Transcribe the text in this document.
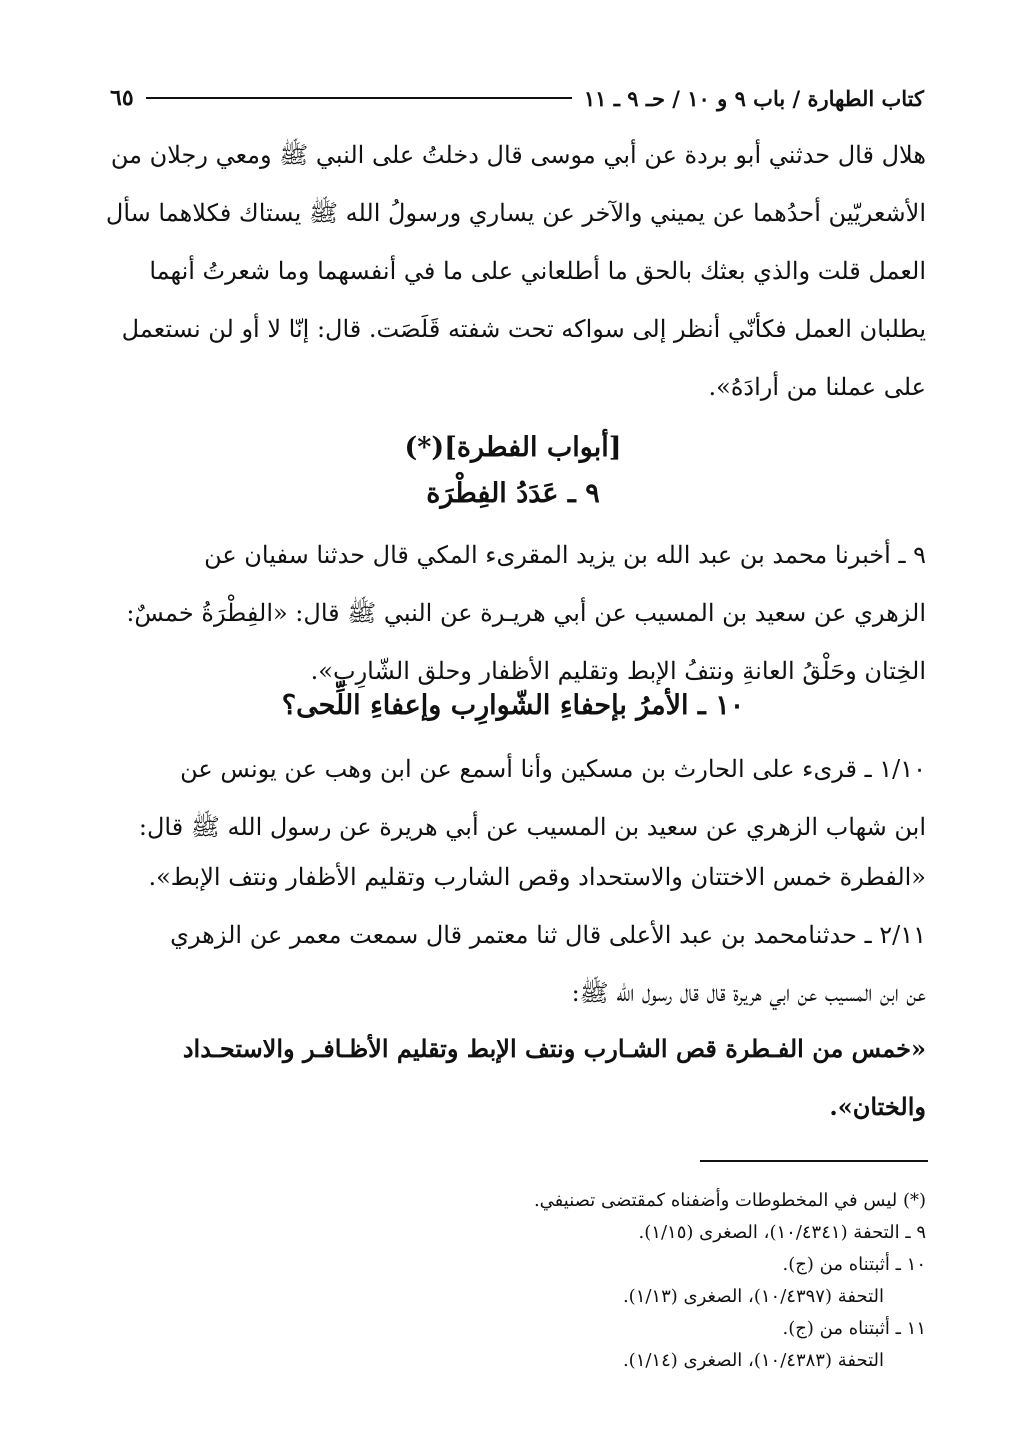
كتاب الطهارة / باب ٩ و ١٠ / حـ ٩ ـ ١١
٦٥

هلال قال حدثني أبو بردة عن أبي موسى قال دخلتُ على النبي ﷺ ومعي رجلان من

الأشعريّين أحدُهما عن يميني والآخر عن يساري ورسولُ الله ﷺ يستاك فكلاهما سأل

العمل قلت والذي بعثك بالحق ما أطلعاني على ما في أنفسهما وما شعرتُ أنهما

يطلبان العمل فكأنّي أنظر إلى سواكه تحت شفته قَلَصَت. قال: إنّا لا أو لن نستعمل

على عملنا من أرادَهُ».

[أبواب الفطرة](*)

٩ ـ عَدَدُ الفِطْرَة

٩ ـ أخبرنا محمد بن عبد الله بن يزيد المقرىء المكي قال حدثنا سفيان عن

الزهري عن سعيد بن المسيب عن أبي هريـرة عن النبي ﷺ قال: «الفِطْرَةُ خمسٌ:

الخِتان وحَلْقُ العانةِ ونتفُ الإبط وتقليم الأظفار وحلق الشّارِبِ».

١٠ ـ الأمرُ بإحفاءِ الشّوارِب وإعفاءِ اللِّحى؟

١/١٠ ـ قرىء على الحارث بن مسكين وأنا أسمع عن ابن وهب عن يونس عن

ابن شهاب الزهري عن سعيد بن المسيب عن أبي هريرة عن رسول الله ﷺ قال:

«الفطرة خمس الاختتان والاستحداد وقص الشارب وتقليم الأظفار ونتف الإبط».

٢/١١ ـ حدثنامحمد بن عبد الأعلى قال ثنا معتمر قال سمعت معمر عن الزهري

عن ابن المسيب عن ابي هريرة قال قال رسول الله ﷺ:

«خمس من الفـطرة قص الشـارب ونتف الإبط وتقليم الأظـافـر والاستحـداد

والختان».

(*) ليس في المخطوطات وأضفناه كمقتضى تصنيفي.

٩ ـ التحفة (١٠/٤٣٤١)، الصغرى (١/١٥).

١٠ ـ أثبتناه من (ج).

التحفة (١٠/٤٣٩٧)، الصغرى (١/١٣).

١١ ـ أثبتناه من (ج).

التحفة (١٠/٤٣٨٣)، الصغرى (١/١٤).
